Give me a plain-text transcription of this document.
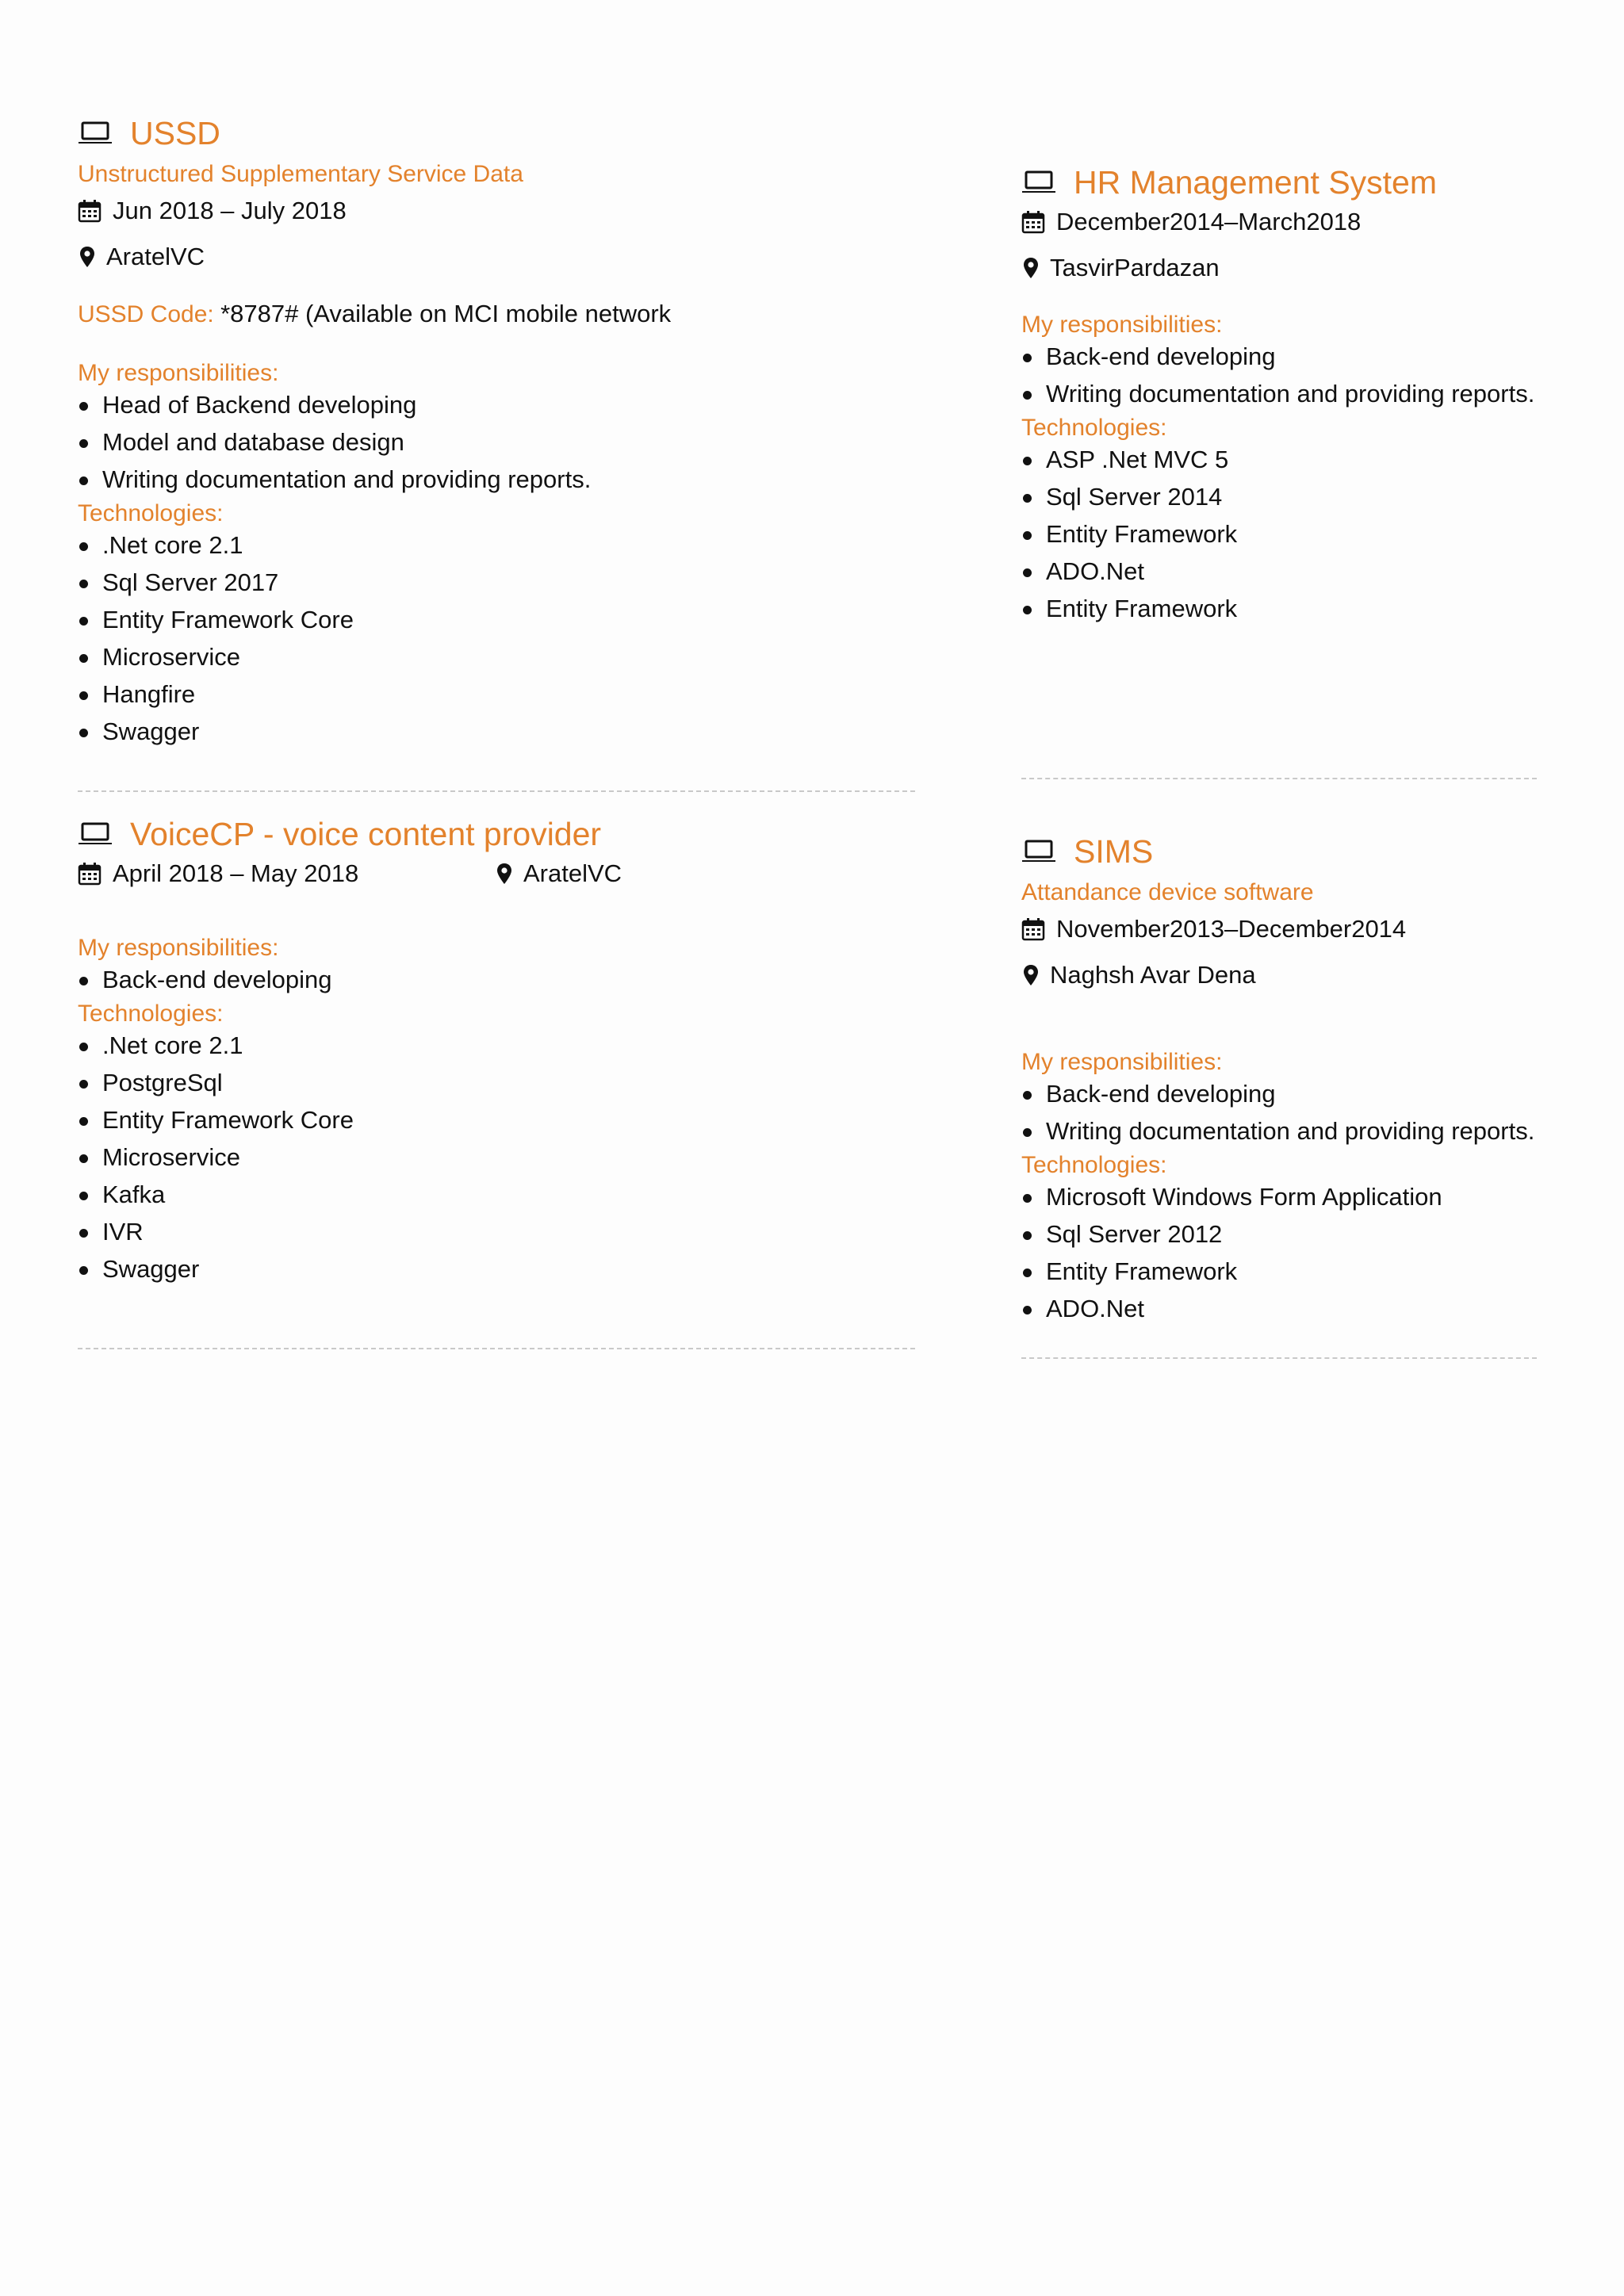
USSD
Unstructured Supplementary Service Data
Jun 2018 – July 2018
AratelVC
USSD Code: *8787# (Available on MCI mobile network
My responsibilities:
Head of Backend developing
Model and database design
Writing documentation and providing reports.
Technologies:
.Net core 2.1
Sql Server 2017
Entity Framework Core
Microservice
Hangfire
Swagger
VoiceCP - voice content provider
April 2018 – May 2018	AratelVC
My responsibilities:
Back-end developing
Technologies:
.Net core 2.1
PostgreSql
Entity Framework Core
Microservice
Kafka
IVR
Swagger
HR Management System
December2014–March2018
TasvirPardazan
My responsibilities:
Back-end developing
Writing documentation and providing reports.
Technologies:
ASP .Net MVC 5
Sql Server 2014
Entity Framework
ADO.Net
Entity Framework
SIMS
Attandance device software
November2013–December2014
Naghsh Avar Dena
My responsibilities:
Back-end developing
Writing documentation and providing reports.
Technologies:
Microsoft Windows Form Application
Sql Server 2012
Entity Framework
ADO.Net
